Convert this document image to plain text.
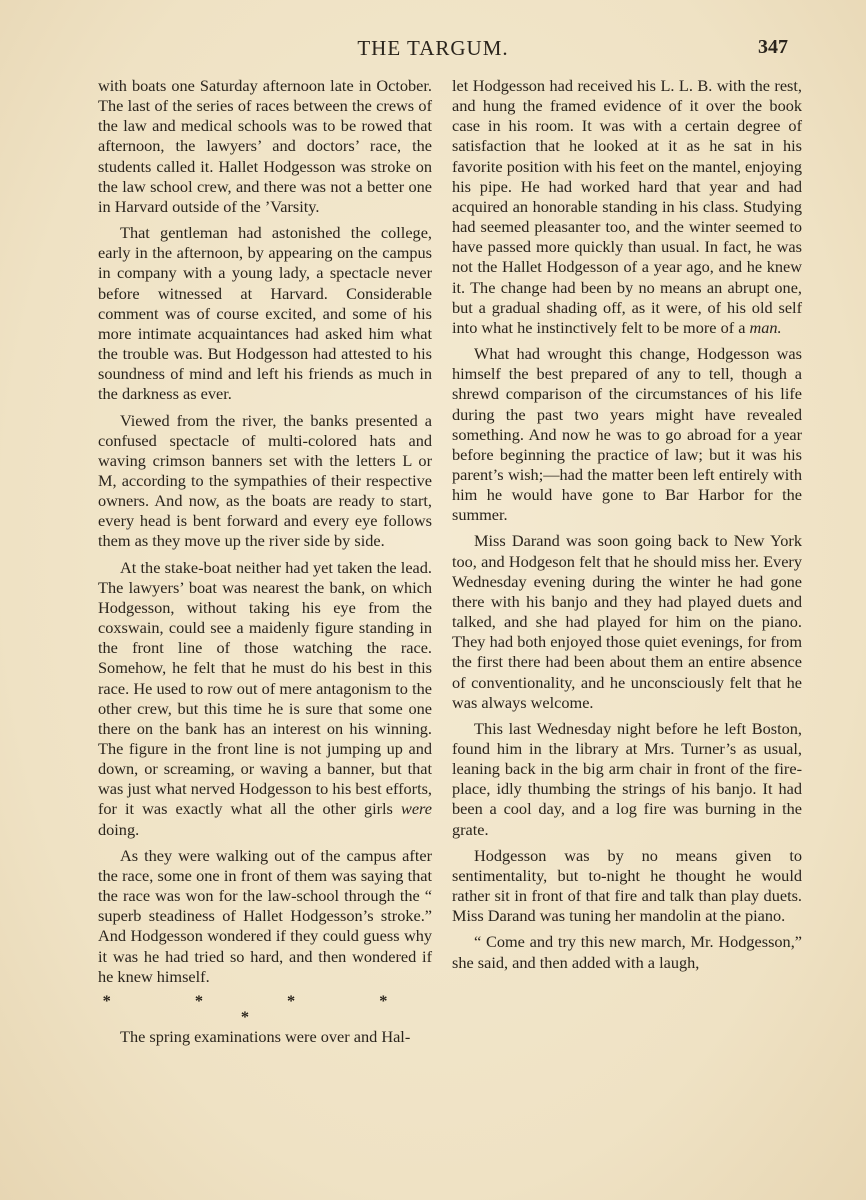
THE TARGUM.	347

with boats one Saturday afternoon late in October. The last of the series of races between the crews of the law and medical schools was to be rowed that afternoon, the lawyers’ and doctors’ race, the students called it. Hallet Hodgesson was stroke on the law school crew, and there was not a better one in Harvard outside of the ’Varsity.

That gentleman had astonished the college, early in the afternoon, by appearing on the campus in company with a young lady, a spectacle never before witnessed at Harvard. Considerable comment was of course excited, and some of his more intimate acquaintances had asked him what the trouble was. But Hodgesson had attested to his soundness of mind and left his friends as much in the darkness as ever.

Viewed from the river, the banks presented a confused spectacle of multi-colored hats and waving crimson banners set with the letters L or M, according to the sympathies of their respective owners. And now, as the boats are ready to start, every head is bent forward and every eye follows them as they move up the river side by side.

At the stake-boat neither had yet taken the lead. The lawyers’ boat was nearest the bank, on which Hodgesson, without taking his eye from the coxswain, could see a maidenly figure standing in the front line of those watching the race. Somehow, he felt that he must do his best in this race. He used to row out of mere antagonism to the other crew, but this time he is sure that some one there on the bank has an interest on his winning. The figure in the front line is not jumping up and down, or screaming, or waving a banner, but that was just what nerved Hodgesson to his best efforts, for it was exactly what all the other girls were doing.

As they were walking out of the campus after the race, some one in front of them was saying that the race was won for the law-school through the “ superb steadiness of Hallet Hodgesson’s stroke.” And Hodgesson wondered if they could guess why it was he had tried so hard, and then wondered if he knew himself.

* * * * *

The spring examinations were over and Hal-

let Hodgesson had received his L. L. B. with the rest, and hung the framed evidence of it over the book case in his room. It was with a certain degree of satisfaction that he looked at it as he sat in his favorite position with his feet on the mantel, enjoying his pipe. He had worked hard that year and had acquired an honorable standing in his class. Studying had seemed pleasanter too, and the winter seemed to have passed more quickly than usual. In fact, he was not the Hallet Hodgesson of a year ago, and he knew it. The change had been by no means an abrupt one, but a gradual shading off, as it were, of his old self into what he instinctively felt to be more of a man.

What had wrought this change, Hodgesson was himself the best prepared of any to tell, though a shrewd comparison of the circumstances of his life during the past two years might have revealed something. And now he was to go abroad for a year before beginning the practice of law; but it was his parent’s wish;—had the matter been left entirely with him he would have gone to Bar Harbor for the summer.

Miss Darand was soon going back to New York too, and Hodgeson felt that he should miss her. Every Wednesday evening during the winter he had gone there with his banjo and they had played duets and talked, and she had played for him on the piano. They had both enjoyed those quiet evenings, for from the first there had been about them an entire absence of conventionality, and he unconsciously felt that he was always welcome.

This last Wednesday night before he left Boston, found him in the library at Mrs. Turner’s as usual, leaning back in the big arm chair in front of the fire-place, idly thumbing the strings of his banjo. It had been a cool day, and a log fire was burning in the grate.

Hodgesson was by no means given to sentimentality, but to-night he thought he would rather sit in front of that fire and talk than play duets. Miss Darand was tuning her mandolin at the piano.

“ Come and try this new march, Mr. Hodgesson,” she said, and then added with a laugh,
